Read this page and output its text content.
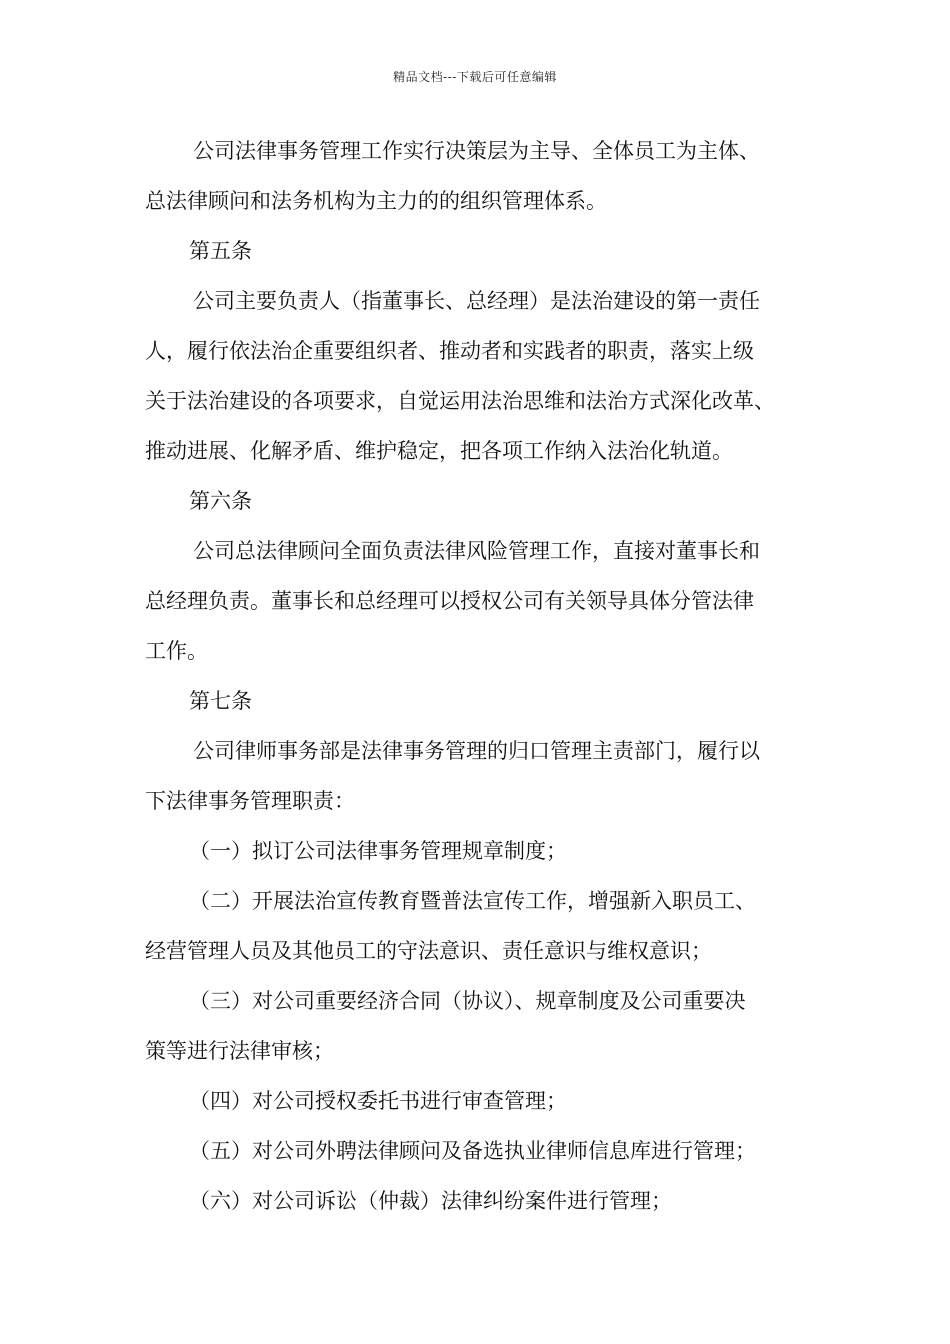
精品文档---下载后可任意编辑
公司法律事务管理工作实行决策层为主导、全体员工为主体、
总法律顾问和法务机构为主力的的组织管理体系。
第五条
公司主要负责人（指董事长、总经理）是法治建设的第一责任
人，履行依法治企重要组织者、推动者和实践者的职责，落实上级
关于法治建设的各项要求，自觉运用法治思维和法治方式深化改革、
推动进展、化解矛盾、维护稳定，把各项工作纳入法治化轨道。
第六条
公司总法律顾问全面负责法律风险管理工作，直接对董事长和
总经理负责。董事长和总经理可以授权公司有关领导具体分管法律
工作。
第七条
公司律师事务部是法律事务管理的归口管理主责部门，履行以
下法律事务管理职责：
（一）拟订公司法律事务管理规章制度；
（二）开展法治宣传教育暨普法宣传工作，增强新入职员工、
经营管理人员及其他员工的守法意识、责任意识与维权意识；
（三）对公司重要经济合同（协议）、规章制度及公司重要决
策等进行法律审核；
（四）对公司授权委托书进行审查管理；
（五）对公司外聘法律顾问及备选执业律师信息库进行管理；
（六）对公司诉讼（仲裁）法律纠纷案件进行管理；
